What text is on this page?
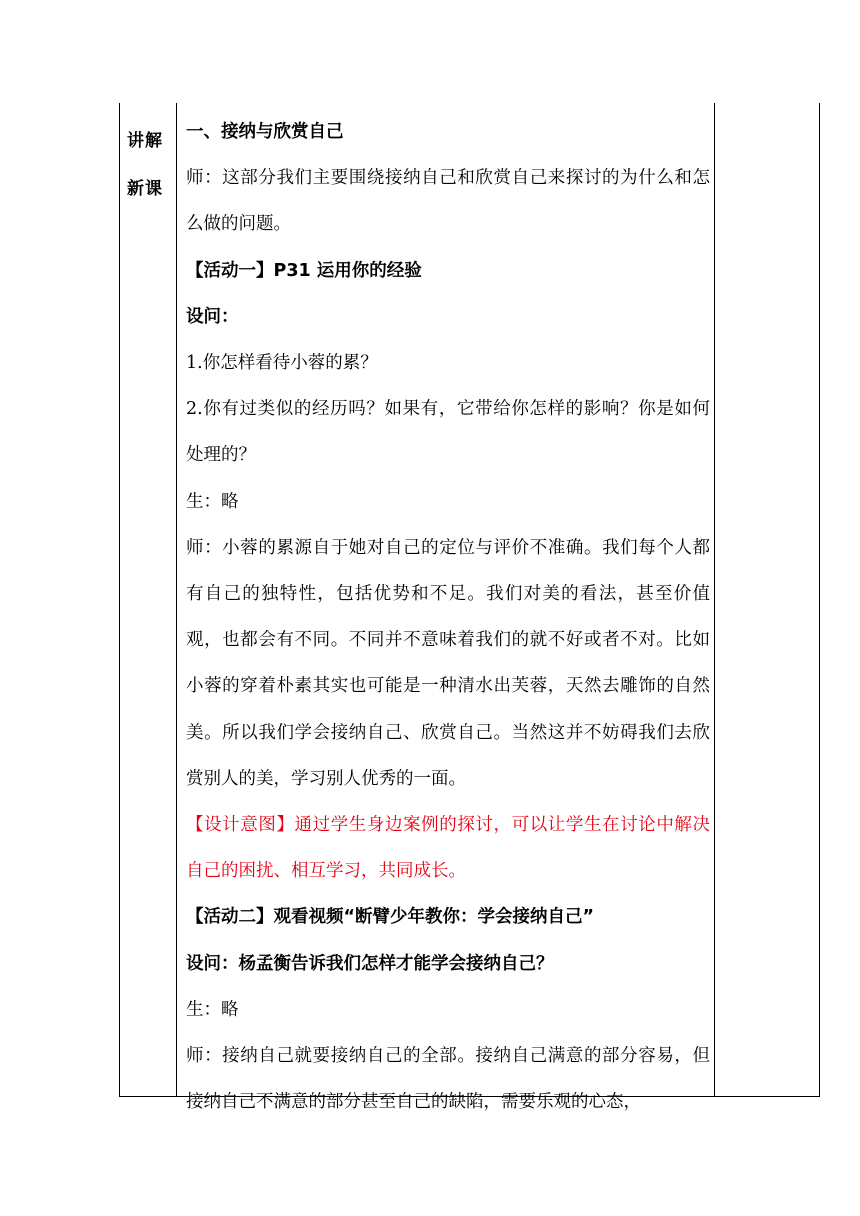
讲解
新课

一、接纳与欣赏自己

师：这部分我们主要围绕接纳自己和欣赏自己来探讨的为什么和怎么做的问题。

【活动一】P31 运用你的经验

设问：

1.你怎样看待小蓉的累？

2.你有过类似的经历吗？如果有，它带给你怎样的影响？你是如何处理的？

生：略

师：小蓉的累源自于她对自己的定位与评价不准确。我们每个人都有自己的独特性，包括优势和不足。我们对美的看法，甚至价值观，也都会有不同。不同并不意味着我们的就不好或者不对。比如小蓉的穿着朴素其实也可能是一种清水出芙蓉，天然去雕饰的自然美。所以我们学会接纳自己、欣赏自己。当然这并不妨碍我们去欣赏别人的美，学习别人优秀的一面。

【设计意图】通过学生身边案例的探讨，可以让学生在讨论中解决自己的困扰、相互学习，共同成长。

【活动二】观看视频“断臂少年教你：学会接纳自己”

设问：杨孟衡告诉我们怎样才能学会接纳自己？

生：略

师：接纳自己就要接纳自己的全部。接纳自己满意的部分容易，但接纳自己不满意的部分甚至自己的缺陷，需要乐观的心态，
